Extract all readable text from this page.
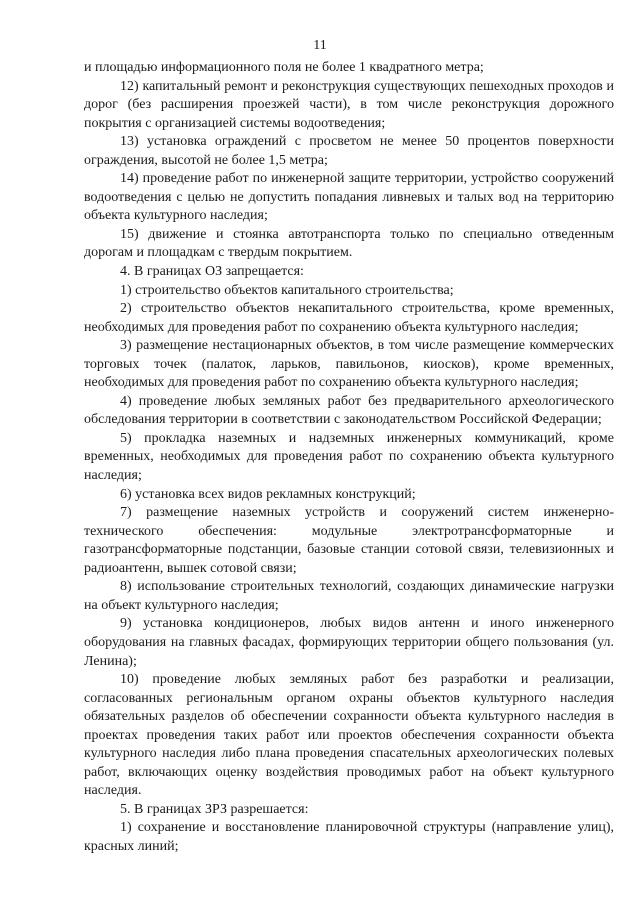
11

и площадью информационного поля не более 1 квадратного метра;

12) капитальный ремонт и реконструкция существующих пешеходных проходов и дорог (без расширения проезжей части), в том числе реконструкция дорожного покрытия с организацией системы водоотведения;

13) установка ограждений с просветом не менее 50 процентов поверхности ограждения, высотой не более 1,5 метра;

14) проведение работ по инженерной защите территории, устройство сооружений водоотведения с целью не допустить попадания ливневых и талых вод на территорию объекта культурного наследия;

15) движение и стоянка автотранспорта только по специально отведенным дорогам и площадкам с твердым покрытием.

4. В границах ОЗ запрещается:

1) строительство объектов капитального строительства;

2) строительство объектов некапитального строительства, кроме временных, необходимых для проведения работ по сохранению объекта культурного наследия;

3) размещение нестационарных объектов, в том числе размещение коммерческих торговых точек (палаток, ларьков, павильонов, киосков), кроме временных, необходимых для проведения работ по сохранению объекта культурного наследия;

4) проведение любых земляных работ без предварительного археологического обследования территории в соответствии с законодательством Российской Федерации;

5) прокладка наземных и надземных инженерных коммуникаций, кроме временных, необходимых для проведения работ по сохранению объекта культурного наследия;

6) установка всех видов рекламных конструкций;

7) размещение наземных устройств и сооружений систем инженерно-технического обеспечения: модульные электротрансформаторные и газотрансформаторные подстанции, базовые станции сотовой связи, телевизионных и радиоантенн, вышек сотовой связи;

8) использование строительных технологий, создающих динамические нагрузки на объект культурного наследия;

9) установка кондиционеров, любых видов антенн и иного инженерного оборудования на главных фасадах, формирующих территории общего пользования (ул. Ленина);

10) проведение любых земляных работ без разработки и реализации, согласованных региональным органом охраны объектов культурного наследия обязательных разделов об обеспечении сохранности объекта культурного наследия в проектах проведения таких работ или проектов обеспечения сохранности объекта культурного наследия либо плана проведения спасательных археологических полевых работ, включающих оценку воздействия проводимых работ на объект культурного наследия.

5. В границах ЗРЗ разрешается:

1) сохранение и восстановление планировочной структуры (направление улиц), красных линий;
